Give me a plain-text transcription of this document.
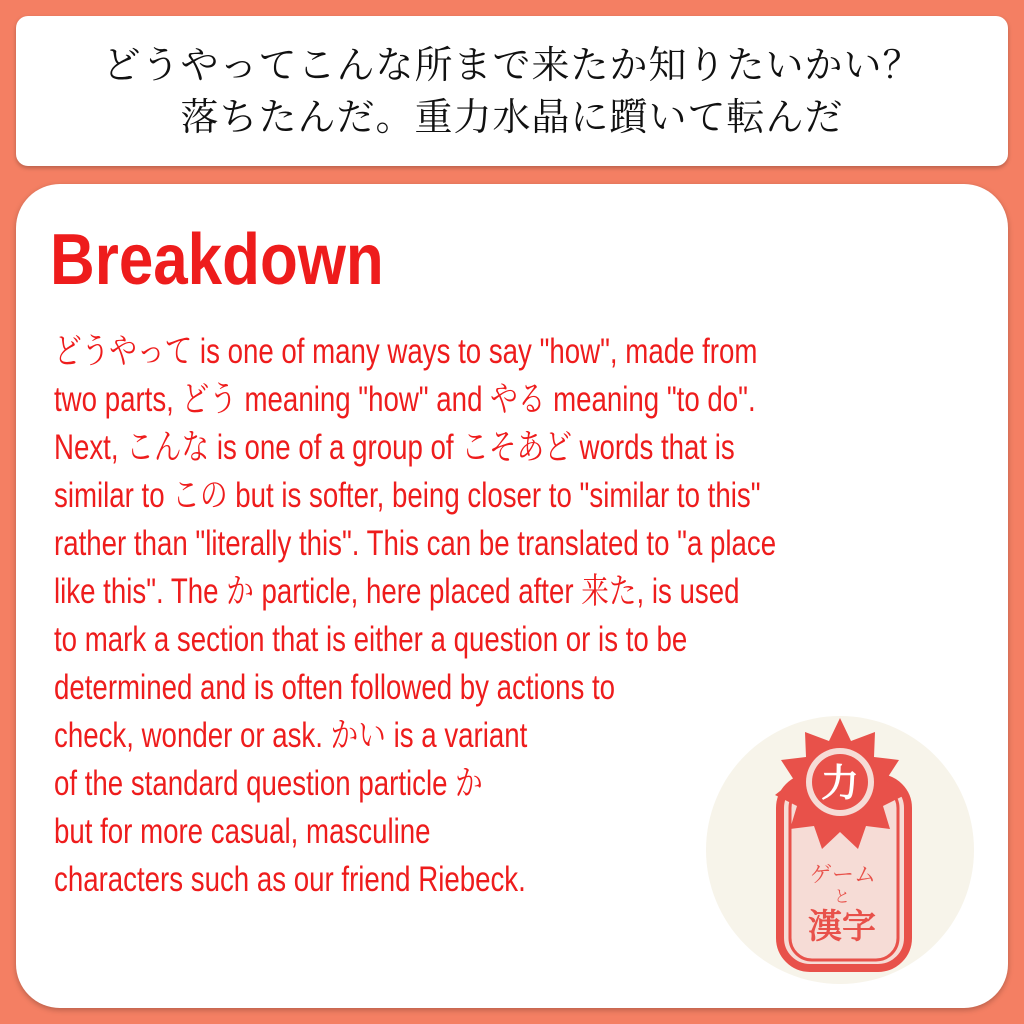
どうやってこんな所まで来たか知りたいかい？
落ちたんだ。重力水晶に躓いて転んだ
Breakdown
どうやって is one of many ways to say "how", made from
two parts, どう meaning "how" and やる meaning "to do".
Next, こんな is one of a group of こそあど words that is
similar to この but is softer, being closer to "similar to this"
rather than "literally this". This can be translated to "a place
like this". The か particle, here placed after 来た, is used
to mark a section that is either a question or is to be
determined and is often followed by actions to
check, wonder or ask. かい is a variant
of the standard question particle か
but for more casual, masculine
characters such as our friend Riebeck.
力
ゲーム
と
漢字
